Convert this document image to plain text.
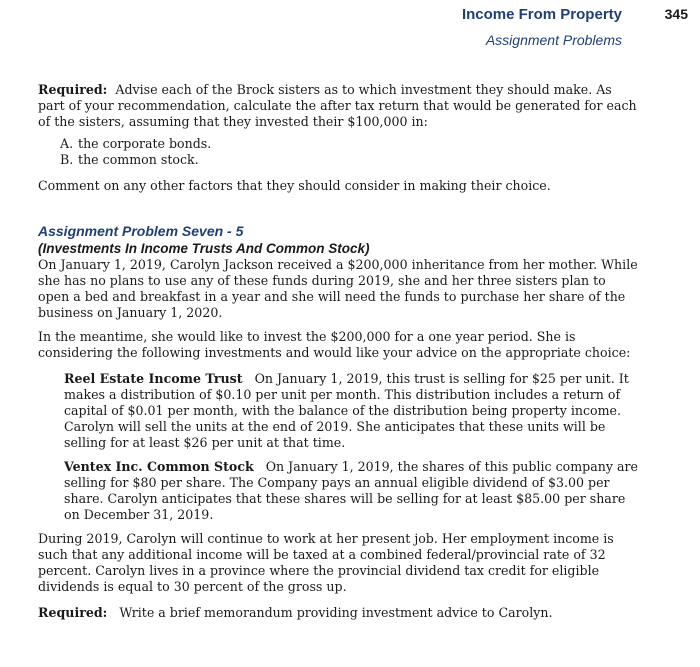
Income From Property
Assignment Problems
345

Required: Advise each of the Brock sisters as to which investment they should make. As part of your recommendation, calculate the after tax return that would be generated for each of the sisters, assuming that they invested their $100,000 in:

A.
the corporate bonds.
B.
the common stock.

Comment on any other factors that they should consider in making their choice.

Assignment Problem Seven - 5
(Investments In Income Trusts And Common Stock)

On January 1, 2019, Carolyn Jackson received a $200,000 inheritance from her mother. While she has no plans to use any of these funds during 2019, she and her three sisters plan to open a bed and breakfast in a year and she will need the funds to purchase her share of the business on January 1, 2020.

In the meantime, she would like to invest the $200,000 for a one year period. She is considering the following investments and would like your advice on the appropriate choice:

Reel Estate Income Trust On January 1, 2019, this trust is selling for $25 per unit. It makes a distribution of $0.10 per unit per month. This distribution includes a return of capital of $0.01 per month, with the balance of the distribution being property income. Carolyn will sell the units at the end of 2019. She anticipates that these units will be selling for at least $26 per unit at that time.

Ventex Inc. Common Stock On January 1, 2019, the shares of this public company are selling for $80 per share. The Company pays an annual eligible dividend of $3.00 per share. Carolyn anticipates that these shares will be selling for at least $85.00 per share on December 31, 2019.

During 2019, Carolyn will continue to work at her present job. Her employment income is such that any additional income will be taxed at a combined federal/provincial rate of 32 percent. Carolyn lives in a province where the provincial dividend tax credit for eligible dividends is equal to 30 percent of the gross up.

Required: Write a brief memorandum providing investment advice to Carolyn.
